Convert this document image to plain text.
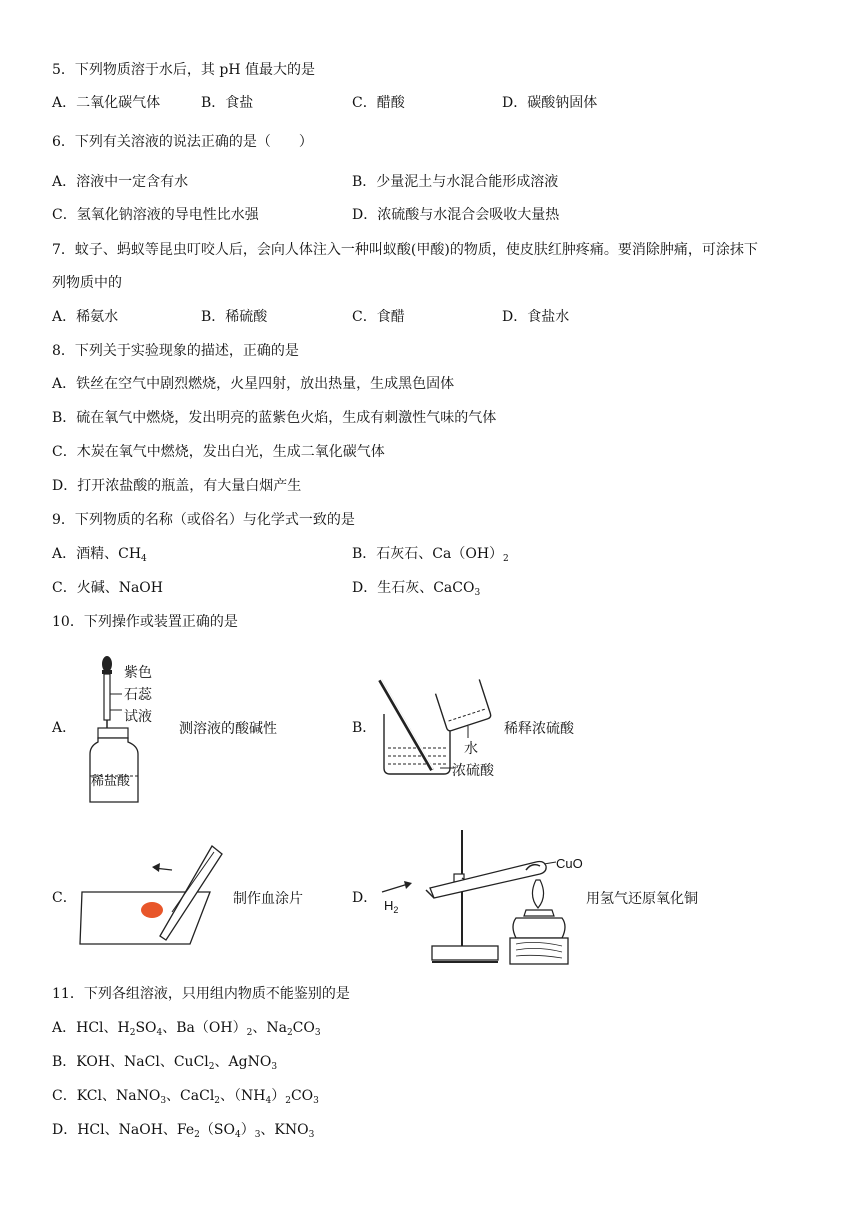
5．下列物质溶于水后，其 pH 值最大的是
A．二氧化碳气体	B．食盐	C．醋酸	D．碳酸钠固体
6．下列有关溶液的说法正确的是（　　）
A．溶液中一定含有水	B．少量泥土与水混合能形成溶液
C．氢氧化钠溶液的导电性比水强	D．浓硫酸与水混合会吸收大量热
7．蚊子、蚂蚁等昆虫叮咬人后，会向人体注入一种叫蚁酸(甲酸)的物质，使皮肤红肿疼痛。要消除肿痛，可涂抹下
列物质中的
A．稀氨水	B．稀硫酸	C．食醋	D．食盐水
8．下列关于实验现象的描述，正确的是
A．铁丝在空气中剧烈燃烧，火星四射，放出热量，生成黑色固体
B．硫在氧气中燃烧，发出明亮的蓝紫色火焰，生成有刺激性气味的气体
C．木炭在氧气中燃烧，发出白光，生成二氧化碳气体
D．打开浓盐酸的瓶盖，有大量白烟产生
9．下列物质的名称（或俗名）与化学式一致的是
A．酒精、$CH_4$	B．石灰石、$Ca(OH)_2$
C．火碱、NaOH	D．生石灰、CaCO$_3$
10．下列操作或装置正确的是
A．
紫色
石蕊
试液
稀盐酸
测溶液的酸碱性	B．
水
浓硫酸
稀释浓硫酸
C．	制作血涂片	D．
CuO
$H_2$
用氢气还原氧化铜
11．下列各组溶液，只用组内物质不能鉴别的是
A．HCl、$H_2SO_4$、$Ba(OH)_2$、$Na_2CO_3$
B．KOH、NaCl、CuCl$_2$、AgNO$_3$
C．KCl、NaNO$_3$、CaCl$_2$、$(NH_4)_2CO_3$
D．HCl、NaOH、$Fe_2(SO_4)_3$、$KNO_3$
